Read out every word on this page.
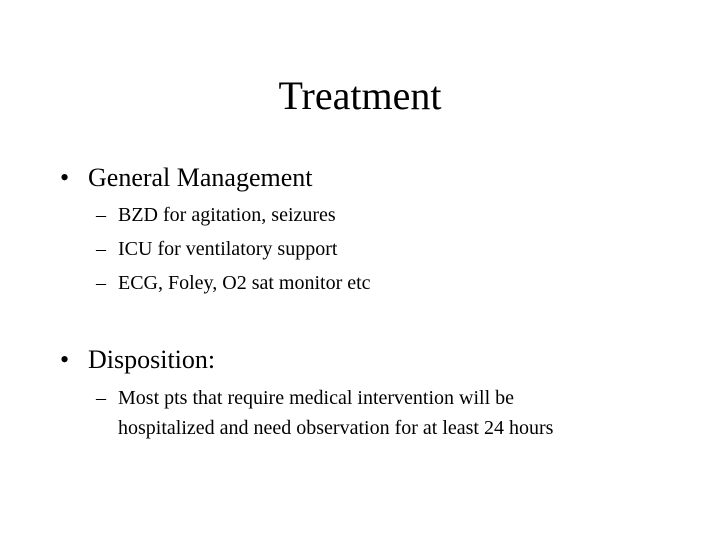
Treatment
• General Management
– BZD for agitation, seizures
– ICU for ventilatory support
– ECG, Foley, O2 sat monitor etc
• Disposition:
– Most pts that require medical intervention will be
hospitalized and need observation for at least 24 hours
